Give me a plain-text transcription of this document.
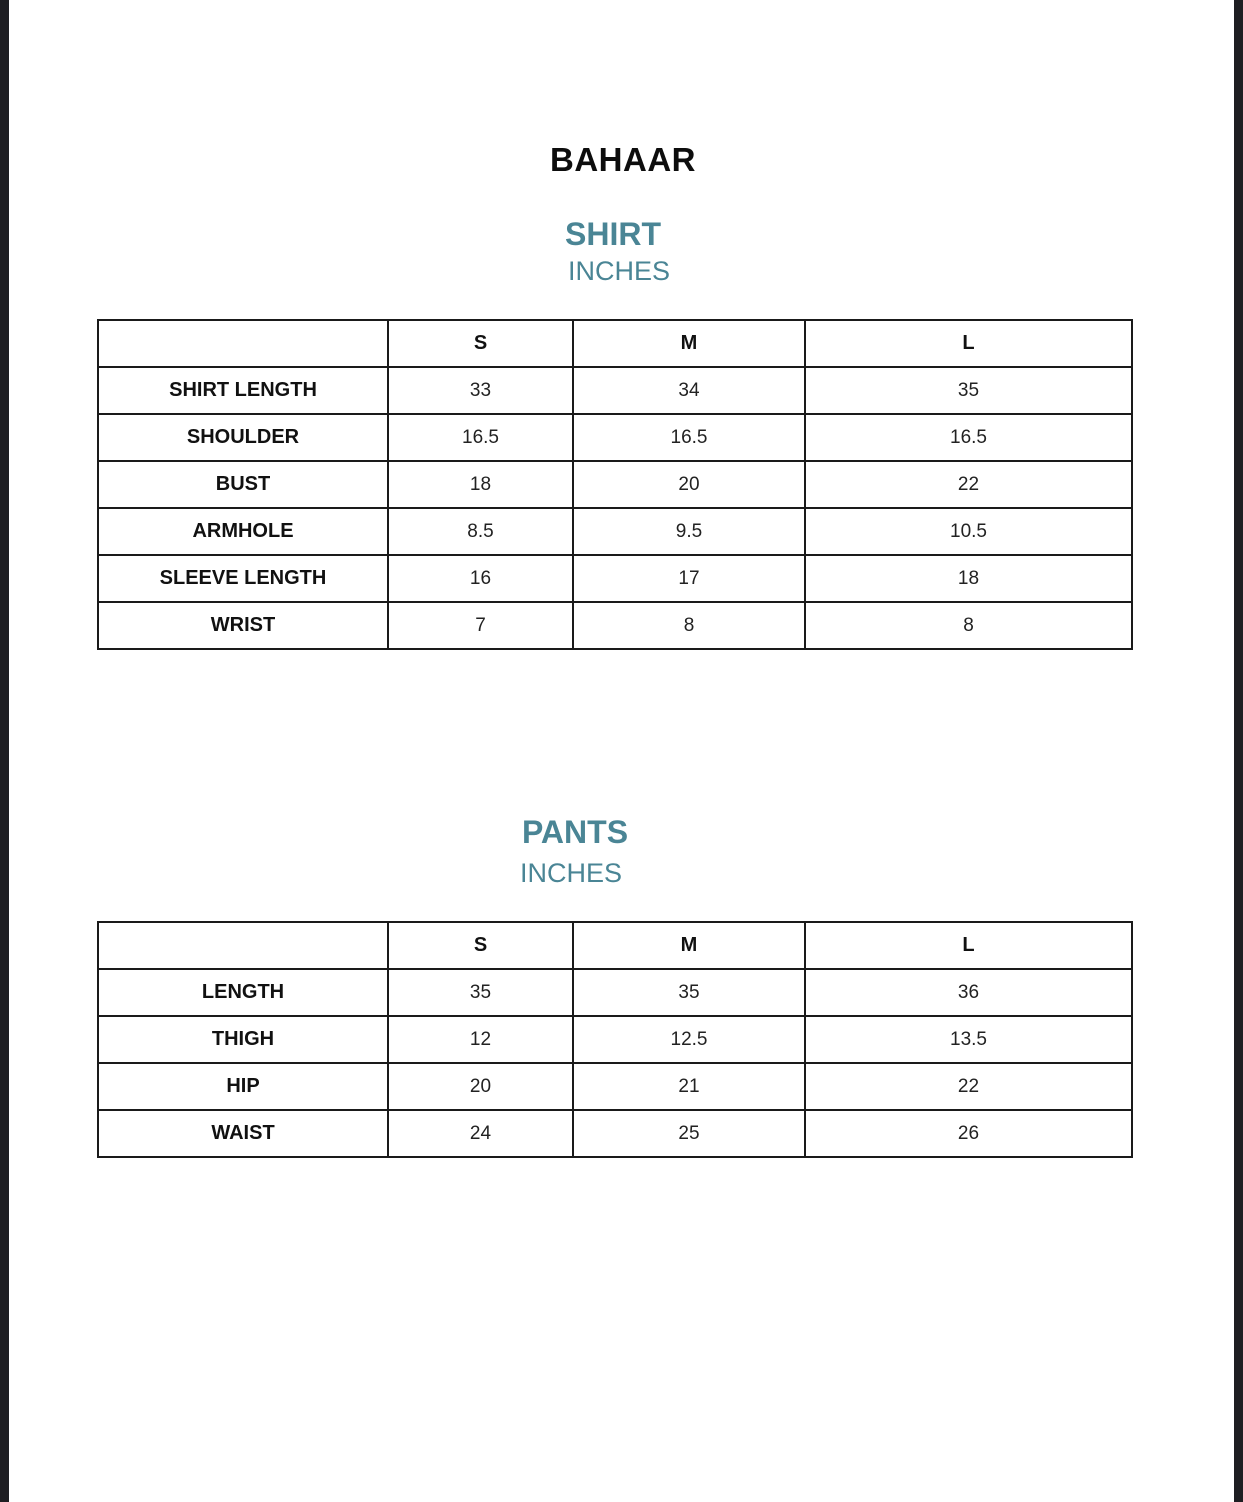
BAHAAR
SHIRT
INCHES
	S	M	L
SHIRT LENGTH	33	34	35
SHOULDER	16.5	16.5	16.5
BUST	18	20	22
ARMHOLE	8.5	9.5	10.5
SLEEVE LENGTH	16	17	18
WRIST	7	8	8
PANTS
INCHES
	S	M	L
LENGTH	35	35	36
THIGH	12	12.5	13.5
HIP	20	21	22
WAIST	24	25	26
